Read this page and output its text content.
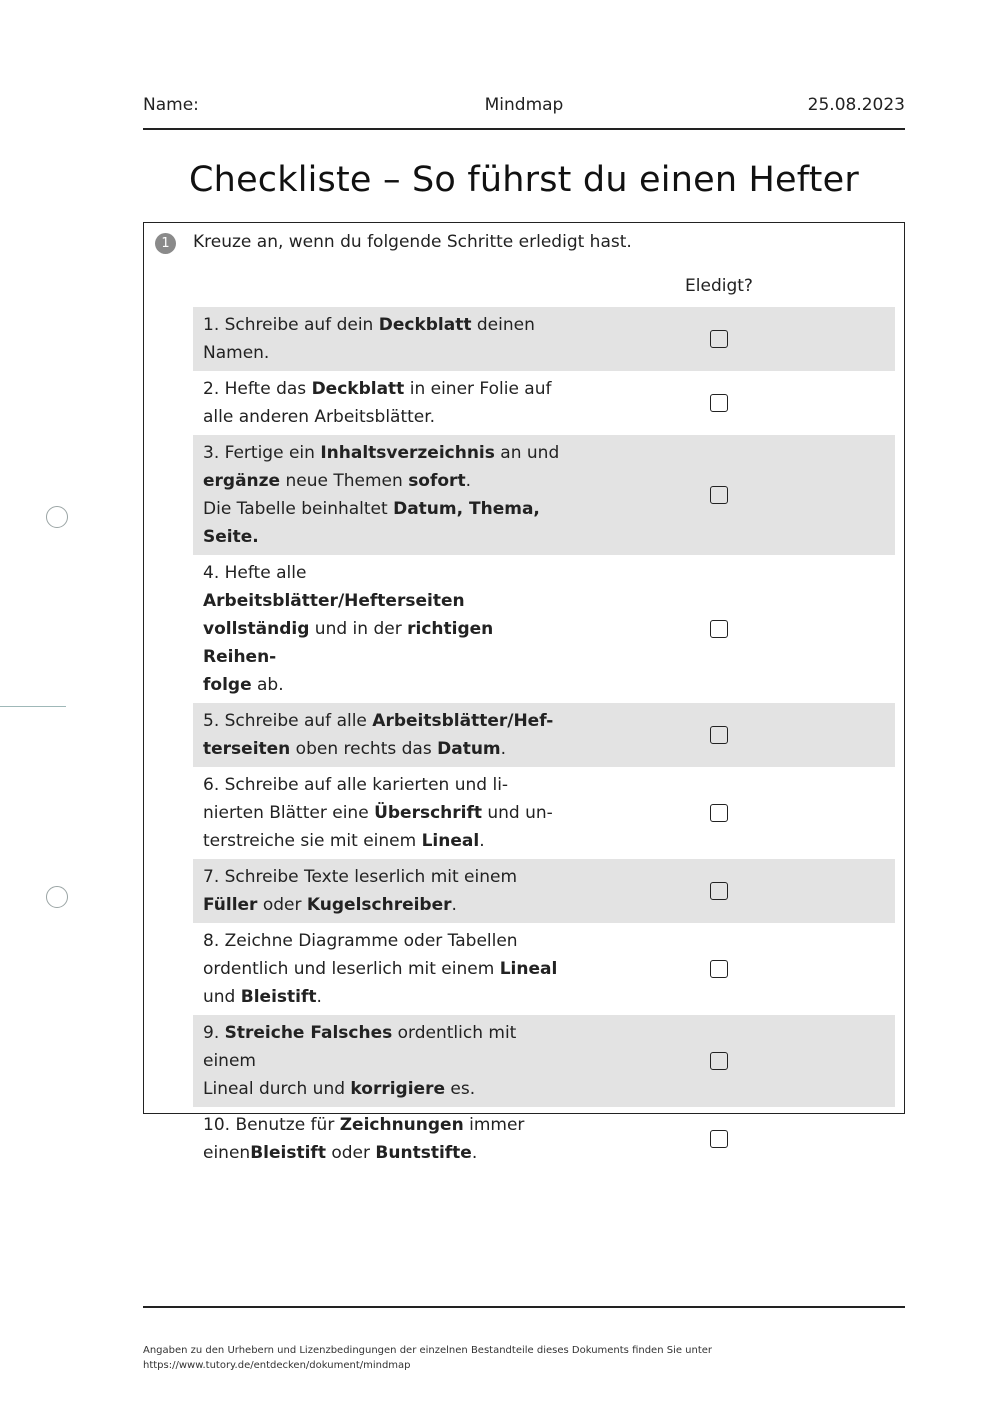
Mindmap
Name:	25.08.2023
Checkliste – So führst du einen Hefter
1	Kreuze an, wenn du folgende Schritte erledigt hast.
Eledigt?
1. Schreibe auf dein Deckblatt deinen
Namen.
2. Hefte das Deckblatt in einer Folie auf
alle anderen Arbeitsblätter.
3. Fertige ein Inhaltsverzeichnis an und
ergänze neue Themen sofort.
Die Tabelle beinhaltet Datum, Thema,
Seite.
4. Hefte alle Arbeitsblätter/Hefterseiten
vollständig und in der richtigen Reihen-
folge ab.
5. Schreibe auf alle Arbeitsblätter/Hef-
terseiten oben rechts das Datum.
6. Schreibe auf alle karierten und li-
nierten Blätter eine Überschrift und un-
terstreiche sie mit einem Lineal.
7. Schreibe Texte leserlich mit einem
Füller oder Kugelschreiber.
8. Zeichne Diagramme oder Tabellen
ordentlich und leserlich mit einem Lineal
und Bleistift.
9. Streiche Falsches ordentlich mit einem
Lineal durch und korrigiere es.
10. Benutze für Zeichnungen immer
einenBleistift oder Buntstifte.
Angaben zu den Urhebern und Lizenzbedingungen der einzelnen Bestandteile dieses Dokuments finden Sie unter
https://www.tutory.de/entdecken/dokument/mindmap
